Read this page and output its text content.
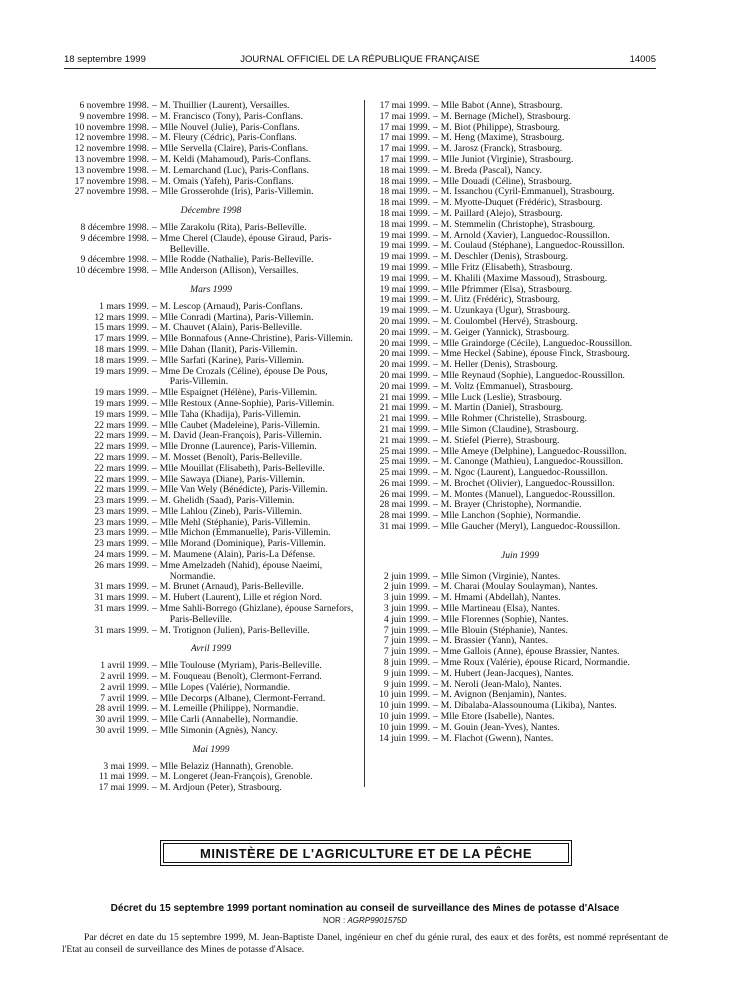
18 septembre 1999	JOURNAL OFFICIEL DE LA RÉPUBLIQUE FRANÇAISE	14005
6 novembre 1998. – M. Thuillier (Laurent), Versailles.
9 novembre 1998. – M. Francisco (Tony), Paris-Conflans.
10 novembre 1998. – Mlle Nouvel (Julie), Paris-Conflans.
12 novembre 1998. – M. Fleury (Cédric), Paris-Conflans.
12 novembre 1998. – Mlle Servella (Claire), Paris-Conflans.
13 novembre 1998. – M. Keldi (Mahamoud), Paris-Conflans.
13 novembre 1998. – M. Lemarchand (Luc), Paris-Conflans.
17 novembre 1998. – M. Omais (Yafeh), Paris-Conflans.
27 novembre 1998. – Mlle Grosserohde (Iris), Paris-Villemin.
Décembre 1998
8 décembre 1998. – Mlle Zarakolu (Rita), Paris-Belleville.
9 décembre 1998. – Mme Cherel (Claude), épouse Giraud, Paris-
Belleville.
9 décembre 1998. – Mlle Rodde (Nathalie), Paris-Belleville.
10 décembre 1998. – Mlle Anderson (Allison), Versailles.
Mars 1999
1 mars 1999. – M. Lescop (Arnaud), Paris-Conflans.
12 mars 1999. – Mlle Conradi (Martina), Paris-Villemin.
15 mars 1999. – M. Chauvet (Alain), Paris-Belleville.
17 mars 1999. – Mlle Bonnafous (Anne-Christine), Paris-Villemin.
18 mars 1999. – Mlle Dahan (Ilanit), Paris-Villemin.
18 mars 1999. – Mlle Sarfati (Karine), Paris-Villemin.
19 mars 1999. – Mme De Crozals (Céline), épouse De Pous,
Paris-Villemin.
19 mars 1999. – Mlle Espaignet (Hélène), Paris-Villemin.
19 mars 1999. – Mlle Restoux (Anne-Sophie), Paris-Villemin.
19 mars 1999. – Mlle Taha (Khadija), Paris-Villemin.
22 mars 1999. – Mlle Caubet (Madeleine), Paris-Villemin.
22 mars 1999. – M. David (Jean-François), Paris-Villemin.
22 mars 1999. – Mlle Dronne (Laurence), Paris-Villemin.
22 mars 1999. – M. Mosset (Benoît), Paris-Belleville.
22 mars 1999. – Mlle Mouillat (Elisabeth), Paris-Belleville.
22 mars 1999. – Mlle Sawaya (Diane), Paris-Villemin.
22 mars 1999. – Mlle Van Wely (Bénédicte), Paris-Villemin.
23 mars 1999. – M. Ghelidh (Saad), Paris-Villemin.
23 mars 1999. – Mlle Lahlou (Zineb), Paris-Villemin.
23 mars 1999. – Mlle Mehl (Stéphanie), Paris-Villemin.
23 mars 1999. – Mlle Michon (Emmanuelle), Paris-Villemin.
23 mars 1999. – Mlle Morand (Dominique), Paris-Villemin.
24 mars 1999. – M. Maumene (Alain), Paris-La Défense.
26 mars 1999. – Mme Amelzadeh (Nahid), épouse Naeimi,
Normandie.
31 mars 1999. – M. Brunet (Arnaud), Paris-Belleville.
31 mars 1999. – M. Hubert (Laurent), Lille et région Nord.
31 mars 1999. – Mme Sahli-Borrego (Ghizlane), épouse Sarnefors,
Paris-Belleville.
31 mars 1999. – M. Trotignon (Julien), Paris-Belleville.
Avril 1999
1 avril 1999. – Mlle Toulouse (Myriam), Paris-Belleville.
2 avril 1999. – M. Fouqueau (Benoît), Clermont-Ferrand.
2 avril 1999. – Mlle Lopes (Valérie), Normandie.
7 avril 1999. – Mlle Decorps (Albane), Clermont-Ferrand.
28 avril 1999. – M. Lemeille (Philippe), Normandie.
30 avril 1999. – Mlle Carli (Annabelle), Normandie.
30 avril 1999. – Mlle Simonin (Agnès), Nancy.
Mai 1999
3 mai 1999. – Mlle Belaziz (Hannath), Grenoble.
11 mai 1999. – M. Longeret (Jean-François), Grenoble.
17 mai 1999. – M. Ardjoun (Peter), Strasbourg.
17 mai 1999. – Mlle Babot (Anne), Strasbourg.
17 mai 1999. – M. Bernage (Michel), Strasbourg.
17 mai 1999. – M. Biot (Philippe), Strasbourg.
17 mai 1999. – M. Heng (Maxime), Strasbourg.
17 mai 1999. – M. Jarosz (Franck), Strasbourg.
17 mai 1999. – Mlle Juniot (Virginie), Strasbourg.
18 mai 1999. – M. Breda (Pascal), Nancy.
18 mai 1999. – Mlle Douadi (Céline), Strasbourg.
18 mai 1999. – M. Issanchou (Cyril-Emmanuel), Strasbourg.
18 mai 1999. – M. Myotte-Duquet (Frédéric), Strasbourg.
18 mai 1999. – M. Paillard (Alejo), Strasbourg.
18 mai 1999. – M. Stemmelin (Christophe), Strasbourg.
19 mai 1999. – M. Arnold (Xavier), Languedoc-Roussillon.
19 mai 1999. – M. Coulaud (Stéphane), Languedoc-Roussillon.
19 mai 1999. – M. Deschler (Denis), Strasbourg.
19 mai 1999. – Mlle Fritz (Elisabeth), Strasbourg.
19 mai 1999. – M. Khalili (Maxime Massoud), Strasbourg.
19 mai 1999. – Mlle Pfrimmer (Elsa), Strasbourg.
19 mai 1999. – M. Uitz (Frédéric), Strasbourg.
19 mai 1999. – M. Uzunkaya (Ugur), Strasbourg.
20 mai 1999. – M. Coulombel (Hervé), Strasbourg.
20 mai 1999. – M. Geiger (Yannick), Strasbourg.
20 mai 1999. – Mlle Graindorge (Cécile), Languedoc-Roussillon.
20 mai 1999. – Mme Heckel (Sabine), épouse Finck, Strasbourg.
20 mai 1999. – M. Heller (Denis), Strasbourg.
20 mai 1999. – Mlle Reynaud (Sophie), Languedoc-Roussillon.
20 mai 1999. – M. Voltz (Emmanuel), Strasbourg.
21 mai 1999. – Mlle Luck (Leslie), Strasbourg.
21 mai 1999. – M. Martin (Daniel), Strasbourg.
21 mai 1999. – Mlle Rohmer (Christelle), Strasbourg.
21 mai 1999. – Mlle Simon (Claudine), Strasbourg.
21 mai 1999. – M. Stiefel (Pierre), Strasbourg.
25 mai 1999. – Mlle Ameye (Delphine), Languedoc-Roussillon.
25 mai 1999. – M. Canonge (Mathieu), Languedoc-Roussillon.
25 mai 1999. – M. Ngoc (Laurent), Languedoc-Roussillon.
26 mai 1999. – M. Brochet (Olivier), Languedoc-Roussillon.
26 mai 1999. – M. Montes (Manuel), Languedoc-Roussillon.
28 mai 1999. – M. Brayer (Christophe), Normandie.
28 mai 1999. – Mlle Lanchon (Sophie), Normandie.
31 mai 1999. – Mlle Gaucher (Meryl), Languedoc-Roussillon.
Juin 1999
2 juin 1999. – Mlle Simon (Virginie), Nantes.
2 juin 1999. – M. Charai (Moulay Soulayman), Nantes.
3 juin 1999. – M. Hmami (Abdellah), Nantes.
3 juin 1999. – Mlle Martineau (Elsa), Nantes.
4 juin 1999. – Mlle Florennes (Sophie), Nantes.
7 juin 1999. – Mlle Blouin (Stéphanie), Nantes.
7 juin 1999. – M. Brassier (Yann), Nantes.
7 juin 1999. – Mme Gallois (Anne), épouse Brassier, Nantes.
8 juin 1999. – Mme Roux (Valérie), épouse Ricard, Normandie.
9 juin 1999. – M. Hubert (Jean-Jacques), Nantes.
9 juin 1999. – M. Neroli (Jean-Malo), Nantes.
10 juin 1999. – M. Avignon (Benjamin), Nantes.
10 juin 1999. – M. Dibalaba-Alassounouma (Likiba), Nantes.
10 juin 1999. – Mlle Etore (Isabelle), Nantes.
10 juin 1999. – M. Gouin (Jean-Yves), Nantes.
14 juin 1999. – M. Flachot (Gwenn), Nantes.
MINISTÈRE DE L'AGRICULTURE ET DE LA PÊCHE
Décret du 15 septembre 1999 portant nomination au conseil de surveillance des Mines de potasse d'Alsace
NOR : AGRP9901575D
Par décret en date du 15 septembre 1999, M. Jean-Baptiste Danel, ingénieur en chef du génie rural, des eaux et des forêts, est nommé représentant de l'Etat au conseil de surveillance des Mines de potasse d'Alsace.
